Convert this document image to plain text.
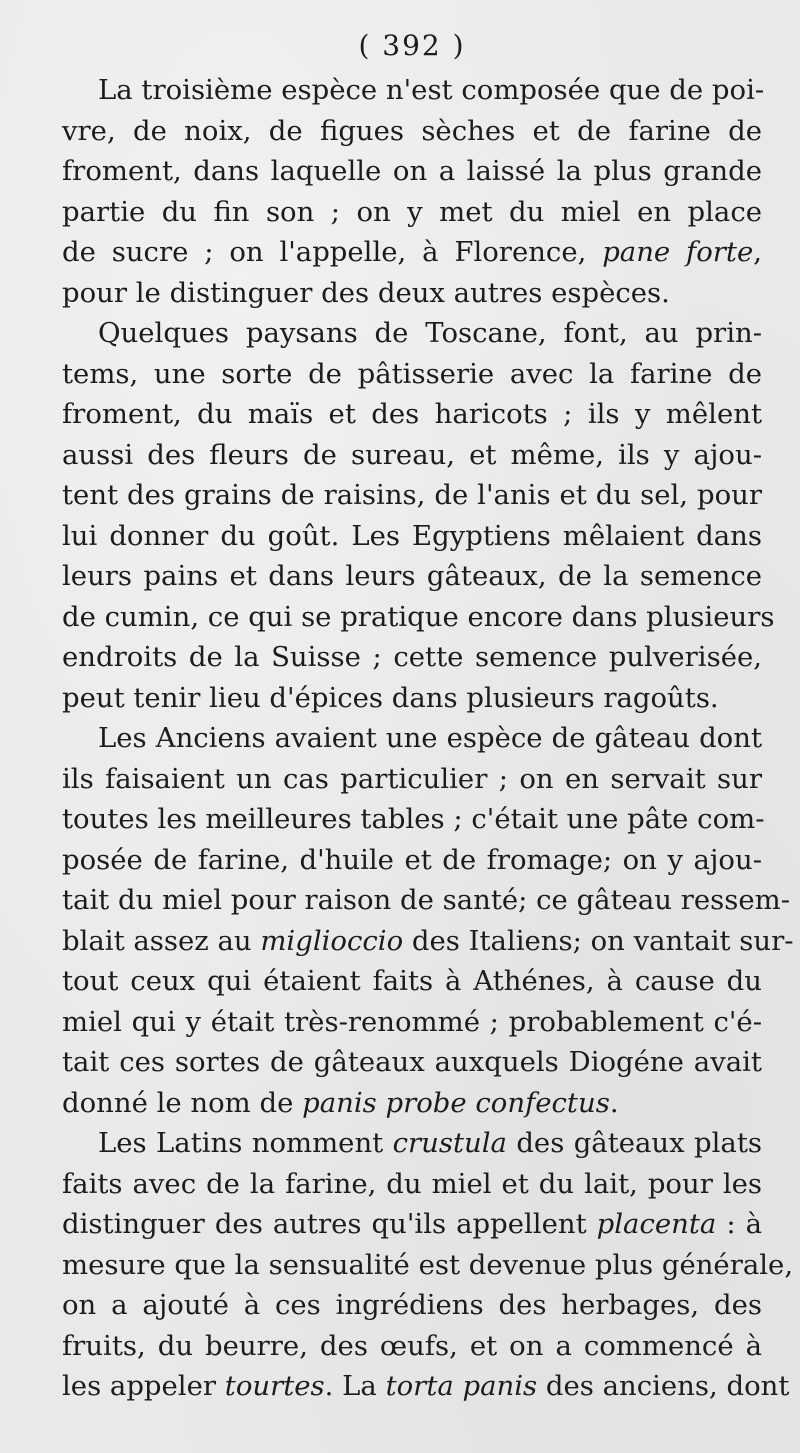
( 392 )
La troisième espèce n'est composée que de poi-
vre, de noix, de figues sèches et de farine de
froment, dans laquelle on a laissé la plus grande
partie du fin son ; on y met du miel en place
de sucre ; on l'appelle, à Florence, pane forte,
pour le distinguer des deux autres espèces.
Quelques paysans de Toscane, font, au prin-
tems, une sorte de pâtisserie avec la farine de
froment, du maïs et des haricots ; ils y mêlent
aussi des fleurs de sureau, et même, ils y ajou-
tent des grains de raisins, de l'anis et du sel, pour
lui donner du goût. Les Egyptiens mêlaient dans
leurs pains et dans leurs gâteaux, de la semence
de cumin, ce qui se pratique encore dans plusieurs
endroits de la Suisse ; cette semence pulverisée,
peut tenir lieu d'épices dans plusieurs ragoûts.
Les Anciens avaient une espèce de gâteau dont
ils faisaient un cas particulier ; on en servait sur
toutes les meilleures tables ; c'était une pâte com-
posée de farine, d'huile et de fromage; on y ajou-
tait du miel pour raison de santé; ce gâteau ressem-
blait assez au miglioccio des Italiens; on vantait sur-
tout ceux qui étaient faits à Athénes, à cause du
miel qui y était très-renommé ; probablement c'é-
tait ces sortes de gâteaux auxquels Diogéne avait
donné le nom de panis probe confectus.
Les Latins nomment crustula des gâteaux plats
faits avec de la farine, du miel et du lait, pour les
distinguer des autres qu'ils appellent placenta : à
mesure que la sensualité est devenue plus générale,
on a ajouté à ces ingrédiens des herbages, des
fruits, du beurre, des œufs, et on a commencé à
les appeler tourtes. La torta panis des anciens, dont
